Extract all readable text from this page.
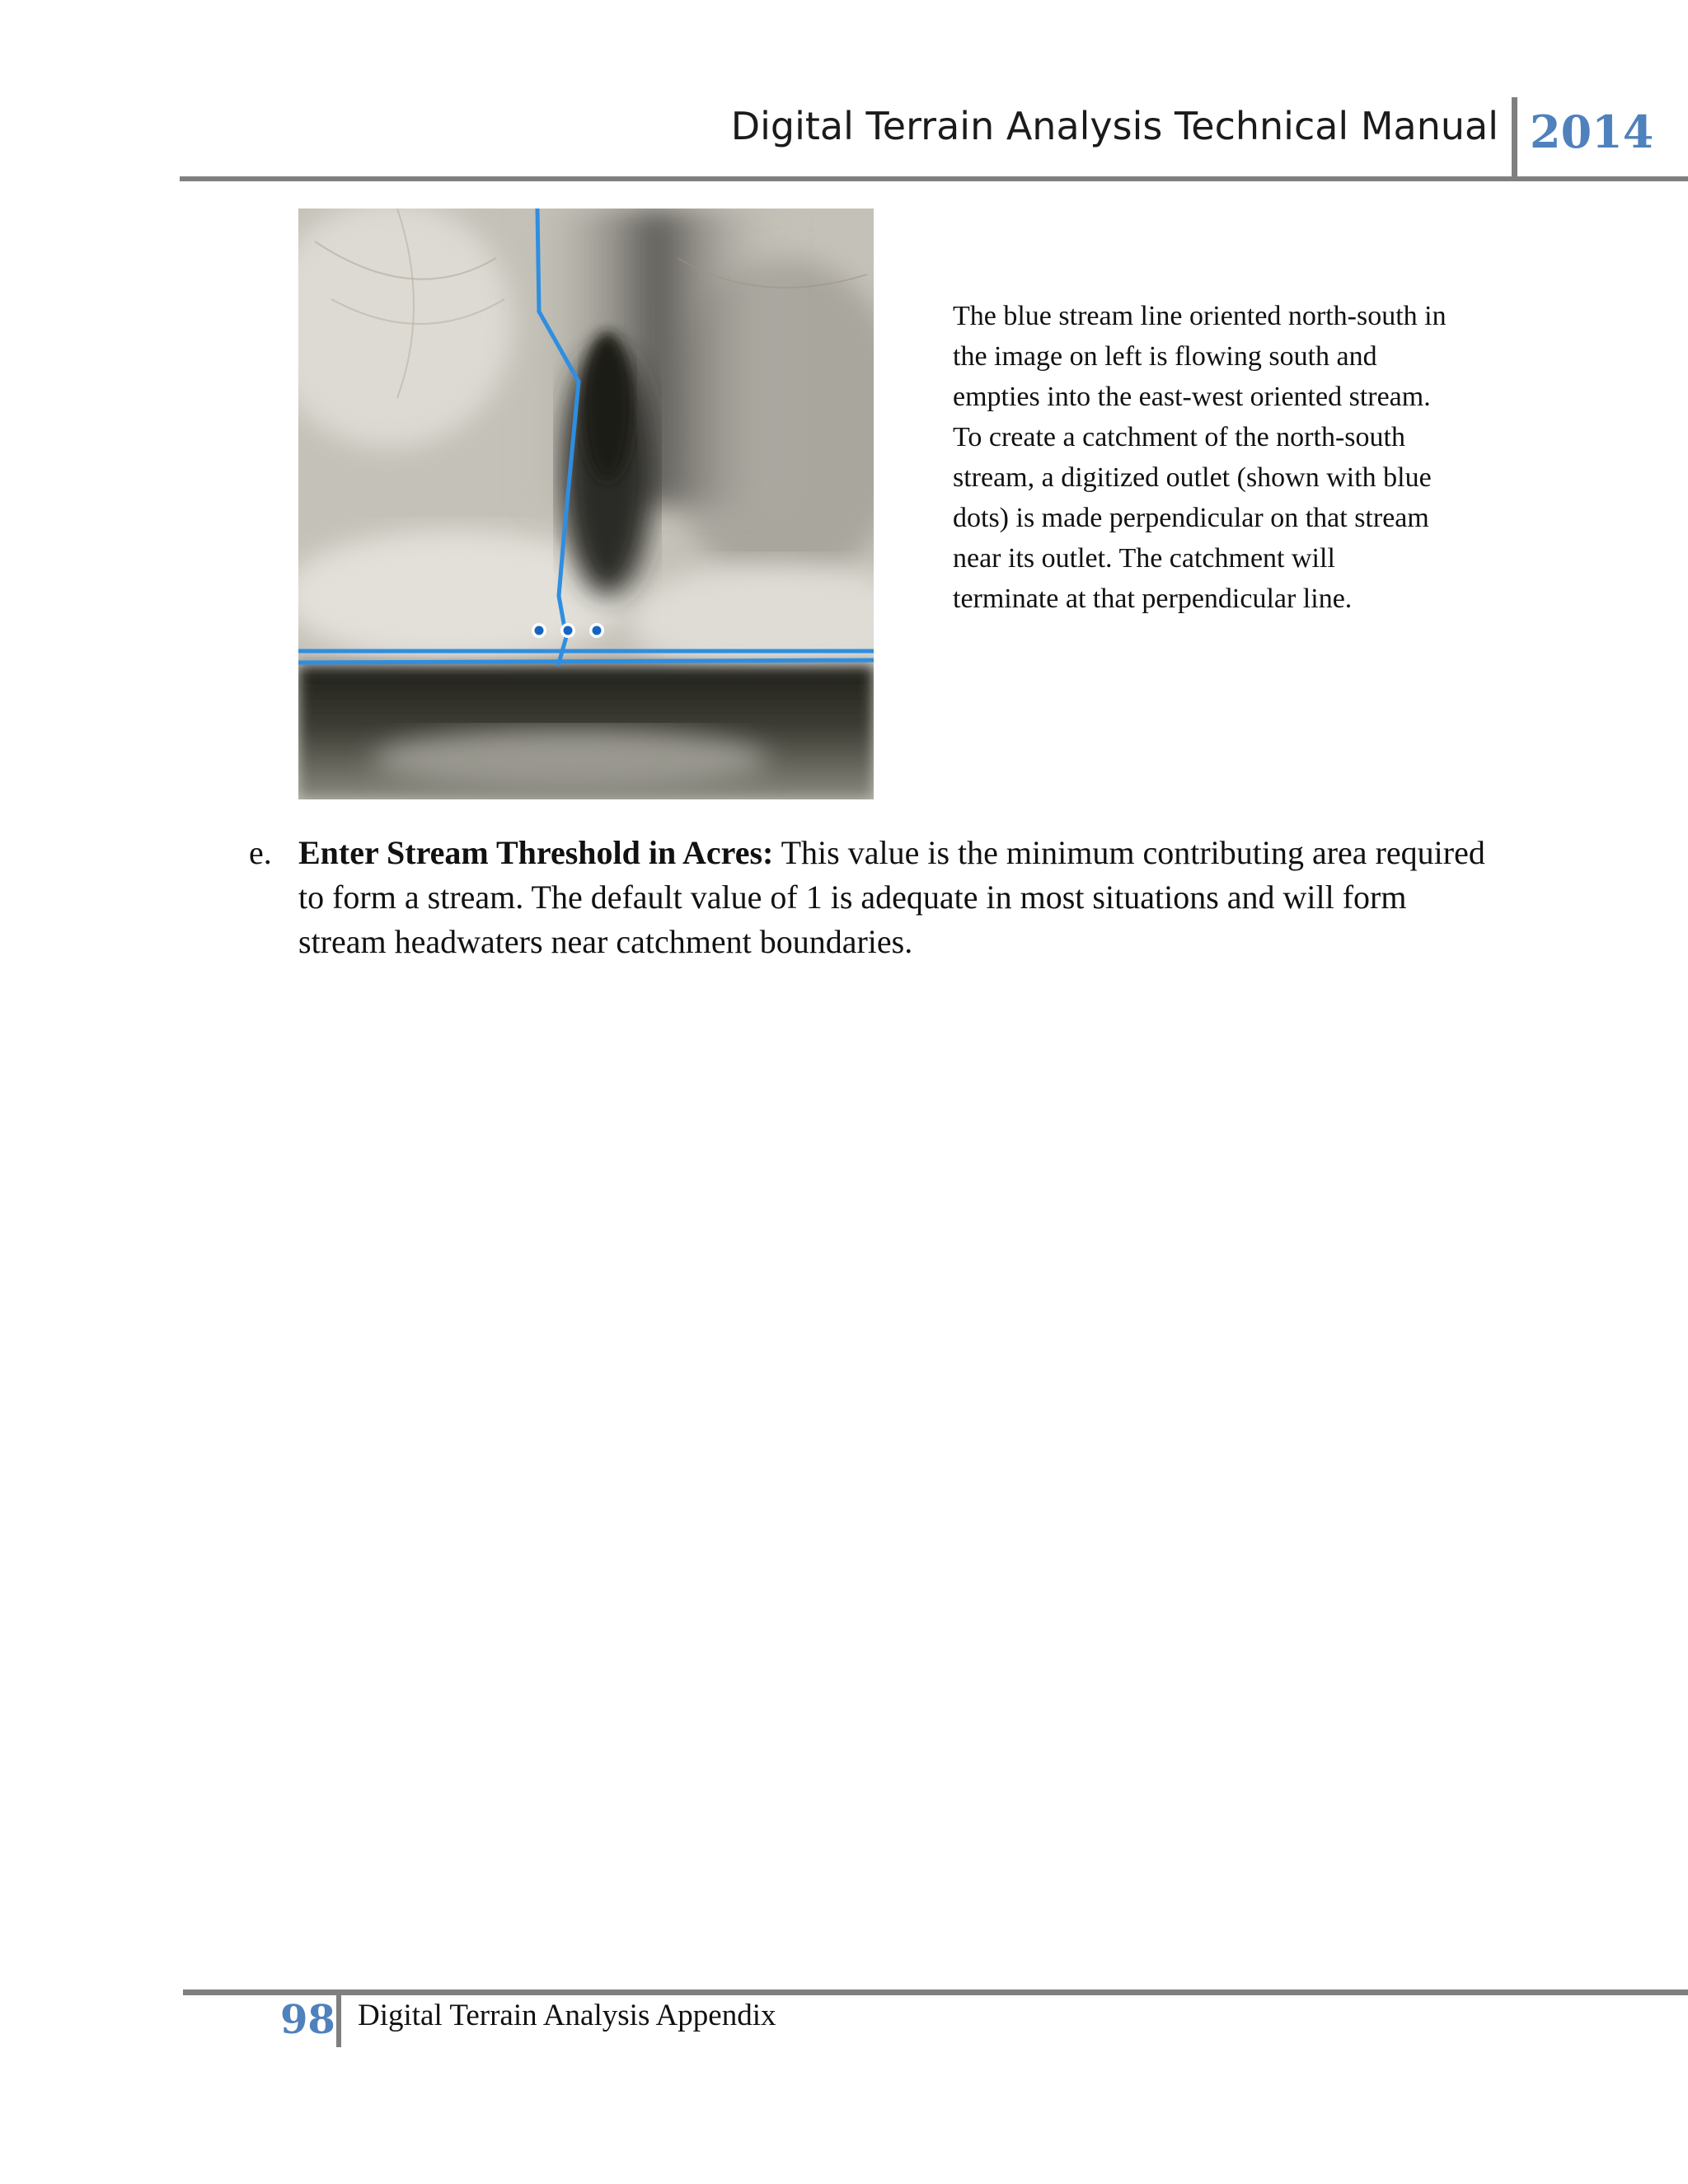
Digital Terrain Analysis Technical Manual 2014
The blue stream line oriented north-south in the image on left is flowing south and empties into the east-west oriented stream. To create a catchment of the north-south stream, a digitized outlet (shown with blue dots) is made perpendicular on that stream near its outlet. The catchment will terminate at that perpendicular line.
e. Enter Stream Threshold in Acres: This value is the minimum contributing area required to form a stream. The default value of 1 is adequate in most situations and will form stream headwaters near catchment boundaries.
98 Digital Terrain Analysis Appendix
